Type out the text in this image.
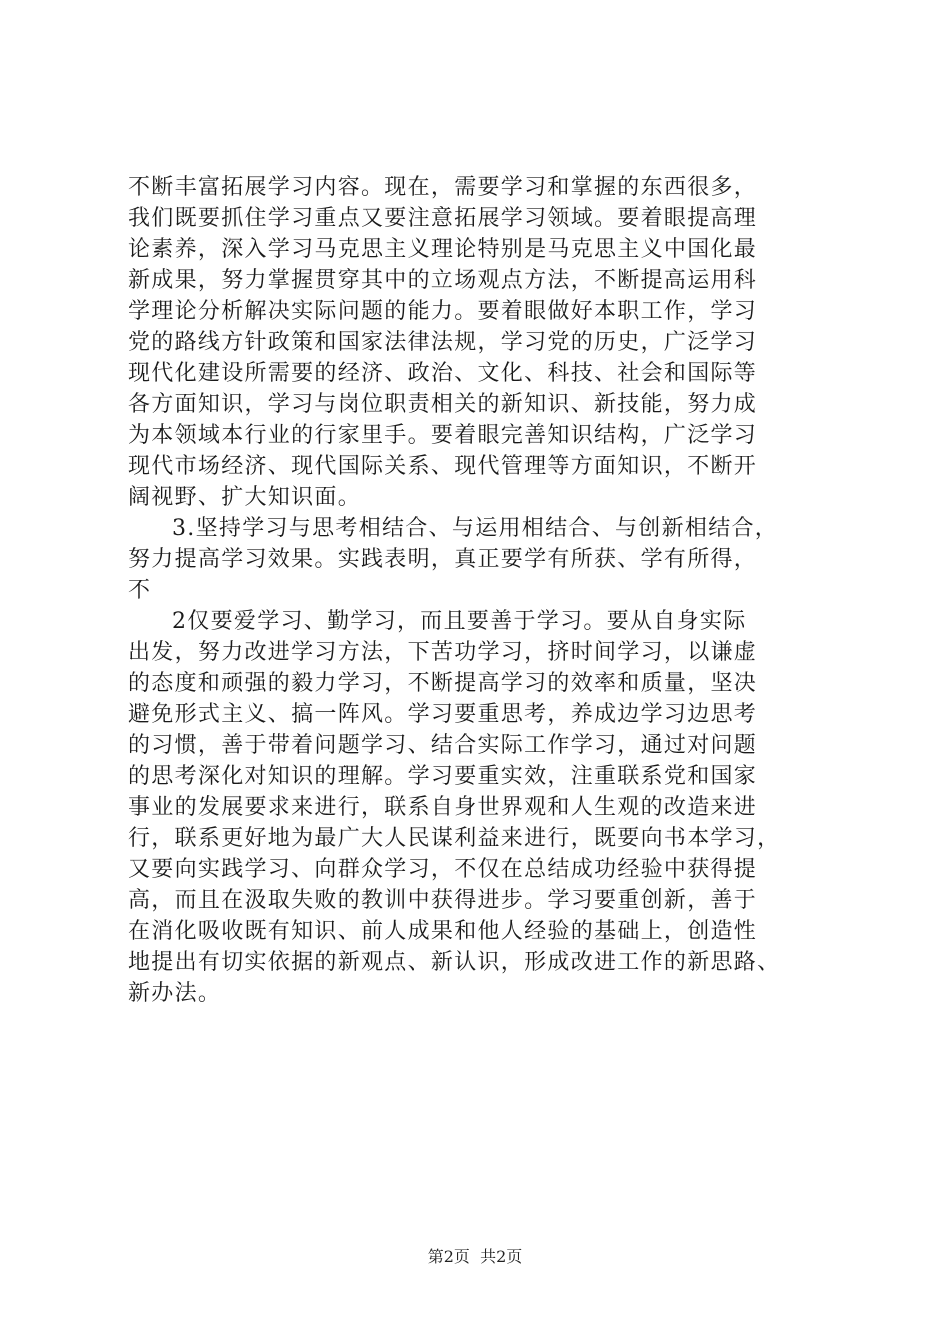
不断丰富拓展学习内容。现在，需要学习和掌握的东西很多，
我们既要抓住学习重点又要注意拓展学习领域。要着眼提高理
论素养，深入学习马克思主义理论特别是马克思主义中国化最
新成果，努力掌握贯穿其中的立场观点方法，不断提高运用科
学理论分析解决实际问题的能力。要着眼做好本职工作，学习
党的路线方针政策和国家法律法规，学习党的历史，广泛学习
现代化建设所需要的经济、政治、文化、科技、社会和国际等
各方面知识，学习与岗位职责相关的新知识、新技能，努力成
为本领域本行业的行家里手。要着眼完善知识结构，广泛学习
现代市场经济、现代国际关系、现代管理等方面知识，不断开
阔视野、扩大知识面。
3.坚持学习与思考相结合、与运用相结合、与创新相结合，
努力提高学习效果。实践表明，真正要学有所获、学有所得，
不
2仅要爱学习、勤学习，而且要善于学习。要从自身实际
出发，努力改进学习方法，下苦功学习，挤时间学习，以谦虚
的态度和顽强的毅力学习，不断提高学习的效率和质量，坚决
避免形式主义、搞一阵风。学习要重思考，养成边学习边思考
的习惯，善于带着问题学习、结合实际工作学习，通过对问题
的思考深化对知识的理解。学习要重实效，注重联系党和国家
事业的发展要求来进行，联系自身世界观和人生观的改造来进
行，联系更好地为最广大人民谋利益来进行，既要向书本学习，
又要向实践学习、向群众学习，不仅在总结成功经验中获得提
高，而且在汲取失败的教训中获得进步。学习要重创新，善于
在消化吸收既有知识、前人成果和他人经验的基础上，创造性
地提出有切实依据的新观点、新认识，形成改进工作的新思路、
新办法。
第2页  共2页
